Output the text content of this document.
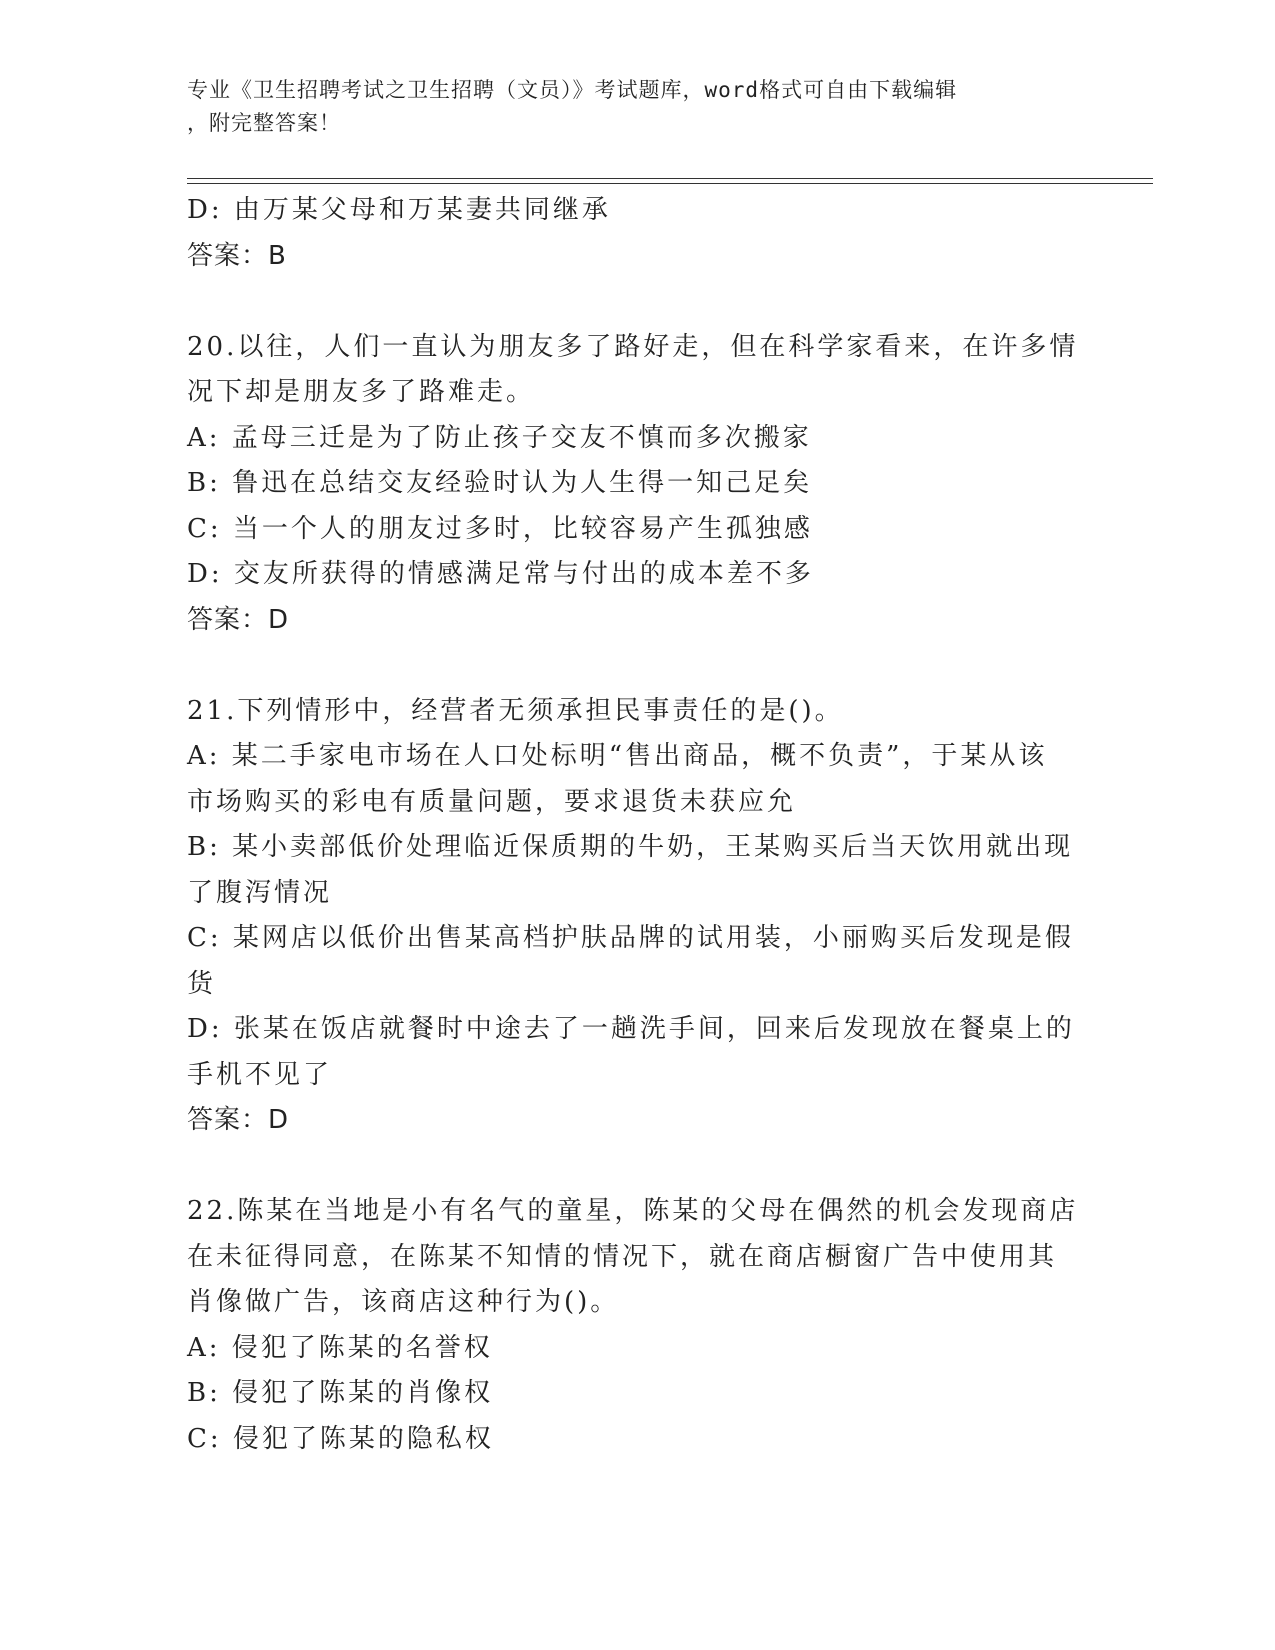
专业《卫生招聘考试之卫生招聘（文员）》考试题库，word格式可自由下载编辑
，附完整答案！
D: 由万某父母和万某妻共同继承
答案：B
20.以往，人们一直认为朋友多了路好走，但在科学家看来，在许多情
况下却是朋友多了路难走。
A: 孟母三迁是为了防止孩子交友不慎而多次搬家
B: 鲁迅在总结交友经验时认为人生得一知己足矣
C: 当一个人的朋友过多时，比较容易产生孤独感
D: 交友所获得的情感满足常与付出的成本差不多
答案：D
21.下列情形中，经营者无须承担民事责任的是()。
A: 某二手家电市场在人口处标明“售出商品，概不负责”，于某从该
市场购买的彩电有质量问题，要求退货未获应允
B: 某小卖部低价处理临近保质期的牛奶，王某购买后当天饮用就出现
了腹泻情况
C: 某网店以低价出售某高档护肤品牌的试用装，小丽购买后发现是假
货
D: 张某在饭店就餐时中途去了一趟洗手间，回来后发现放在餐桌上的
手机不见了
答案：D
22.陈某在当地是小有名气的童星，陈某的父母在偶然的机会发现商店
在未征得同意，在陈某不知情的情况下，就在商店橱窗广告中使用其
肖像做广告，该商店这种行为()。
A: 侵犯了陈某的名誉权
B: 侵犯了陈某的肖像权
C: 侵犯了陈某的隐私权
